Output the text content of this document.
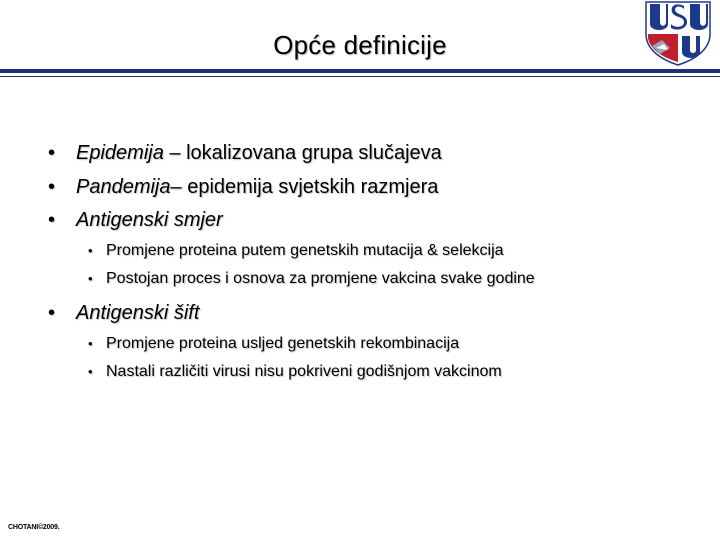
Opće definicije
• Epidemija – lokalizovana grupa slučajeva
• Pandemija– epidemija svjetskih razmjera
• Antigenski smjer
• Promjene proteina putem genetskih mutacija & selekcija
• Postojan proces i osnova za promjene vakcina svake godine
• Antigenski šift
• Promjene proteina usljed genetskih rekombinacija
• Nastali različiti virusi nisu pokriveni godišnjom vakcinom
CHOTANI©2009.
